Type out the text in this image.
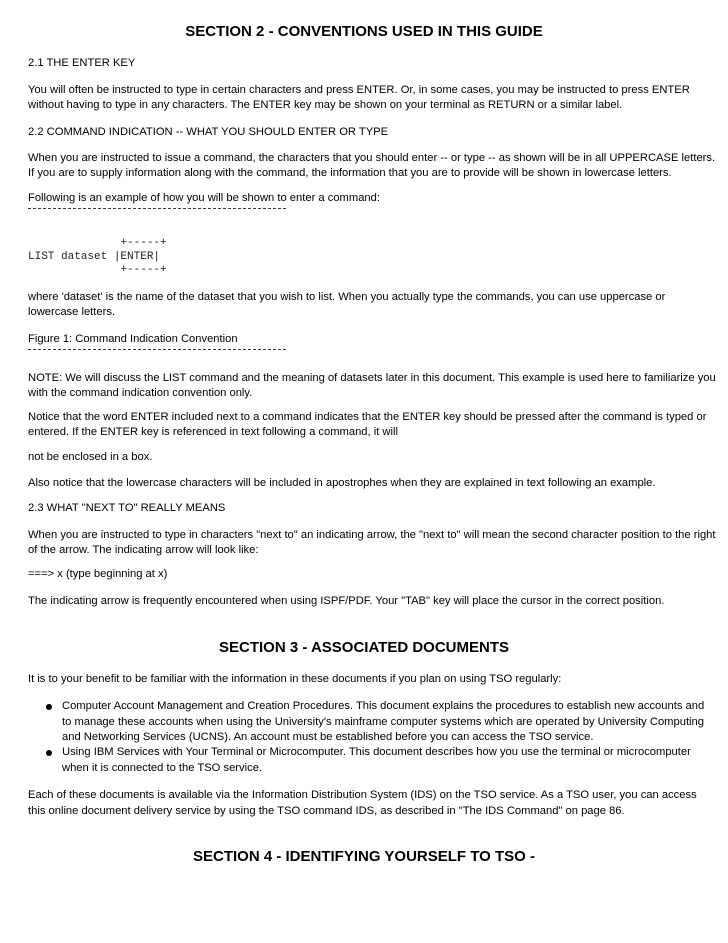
SECTION 2 - CONVENTIONS USED IN THIS GUIDE
2.1 THE ENTER KEY
You will often be instructed to type in certain characters and press ENTER. Or, in some cases, you may be instructed to press ENTER
without having to type in any characters. The ENTER key may be shown on your terminal as RETURN or a similar label.
2.2 COMMAND INDICATION -- WHAT YOU SHOULD ENTER OR TYPE
When you are instructed to issue a command, the characters that you should enter -- or type -- as shown will be in all UPPERCASE letters.
If you are to supply information along with the command, the information that you are to provide will be shown in lowercase letters.
Following is an example of how you will be shown to enter a command:
+-----+
LIST dataset |ENTER|
+-----+
where 'dataset' is the name of the dataset that you wish to list. When you actually type the commands, you can use uppercase or
lowercase letters.
Figure 1: Command Indication Convention
NOTE: We will discuss the LIST command and the meaning of datasets later in this document. This example is used here to familiarize you
with the command indication convention only.
Notice that the word ENTER included next to a command indicates that the ENTER key should be pressed after the command is typed or
entered. If the ENTER key is referenced in text following a command, it will
not be enclosed in a box.
Also notice that the lowercase characters will be included in apostrophes when they are explained in text following an example.
2.3 WHAT "NEXT TO" REALLY MEANS
When you are instructed to type in characters "next to" an indicating arrow, the "next to" will mean the second character position to the right
of the arrow. The indicating arrow will look like:
===> x (type beginning at x)
The indicating arrow is frequently encountered when using ISPF/PDF. Your "TAB" key will place the cursor in the correct position.
SECTION 3 - ASSOCIATED DOCUMENTS
It is to your benefit to be familiar with the information in these documents if you plan on using TSO regularly:
Computer Account Management and Creation Procedures. This document explains the procedures to establish new accounts and
to manage these accounts when using the University's mainframe computer systems which are operated by University Computing
and Networking Services (UCNS). An account must be established before you can access the TSO service.
Using IBM Services with Your Terminal or Microcomputer. This document describes how you use the terminal or microcomputer
when it is connected to the TSO service.
Each of these documents is available via the Information Distribution System (IDS) on the TSO service. As a TSO user, you can access
this online document delivery service by using the TSO command IDS, as described in "The IDS Command" on page 86.
SECTION 4 - IDENTIFYING YOURSELF TO TSO -
